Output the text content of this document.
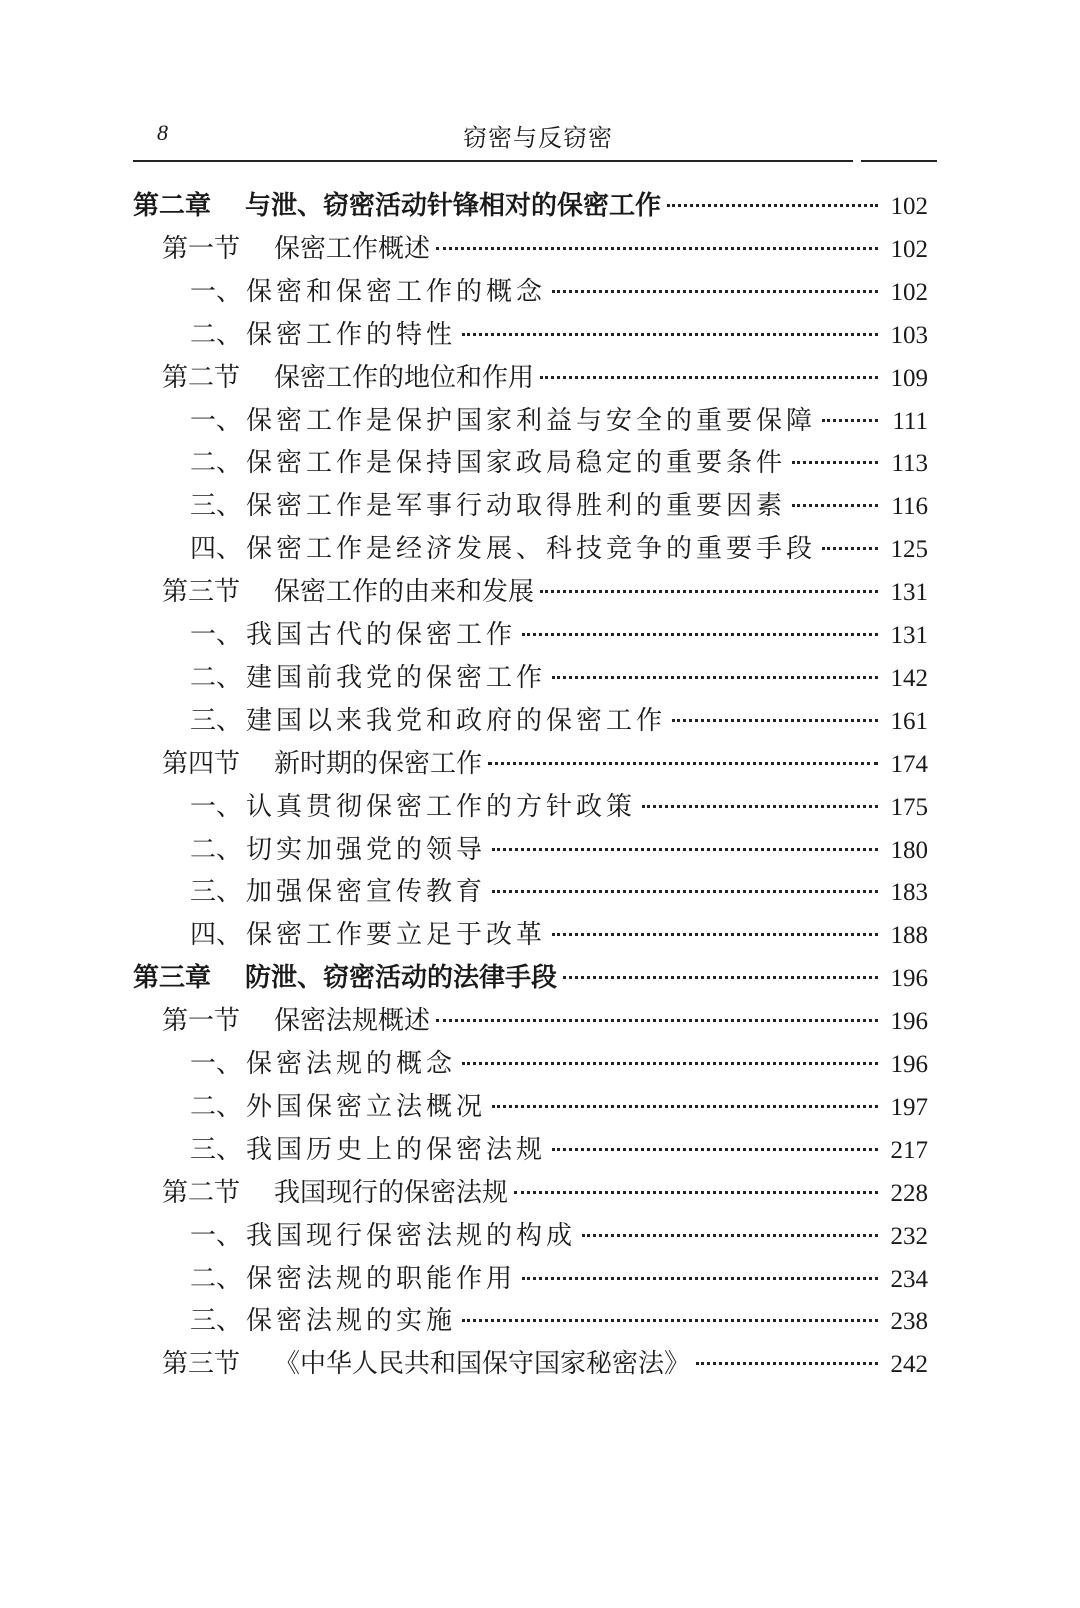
8	窃密与反窃密
第二章 与泄、窃密活动针锋相对的保密工作	102
第一节 保密工作概述	102
一、 保密和保密工作的概念	102
二、 保密工作的特性	103
第二节 保密工作的地位和作用	109
一、 保密工作是保护国家利益与安全的重要保障	111
二、 保密工作是保持国家政局稳定的重要条件	113
三、 保密工作是军事行动取得胜利的重要因素	116
四、 保密工作是经济发展、科技竞争的重要手段	125
第三节 保密工作的由来和发展	131
一、 我国古代的保密工作	131
二、 建国前我党的保密工作	142
三、 建国以来我党和政府的保密工作	161
第四节 新时期的保密工作	174
一、 认真贯彻保密工作的方针政策	175
二、 切实加强党的领导	180
三、 加强保密宣传教育	183
四、 保密工作要立足于改革	188
第三章 防泄、窃密活动的法律手段	196
第一节 保密法规概述	196
一、 保密法规的概念	196
二、 外国保密立法概况	197
三、 我国历史上的保密法规	217
第二节 我国现行的保密法规	228
一、 我国现行保密法规的构成	232
二、 保密法规的职能作用	234
三、 保密法规的实施	238
第三节 《中华人民共和国保守国家秘密法》	242
